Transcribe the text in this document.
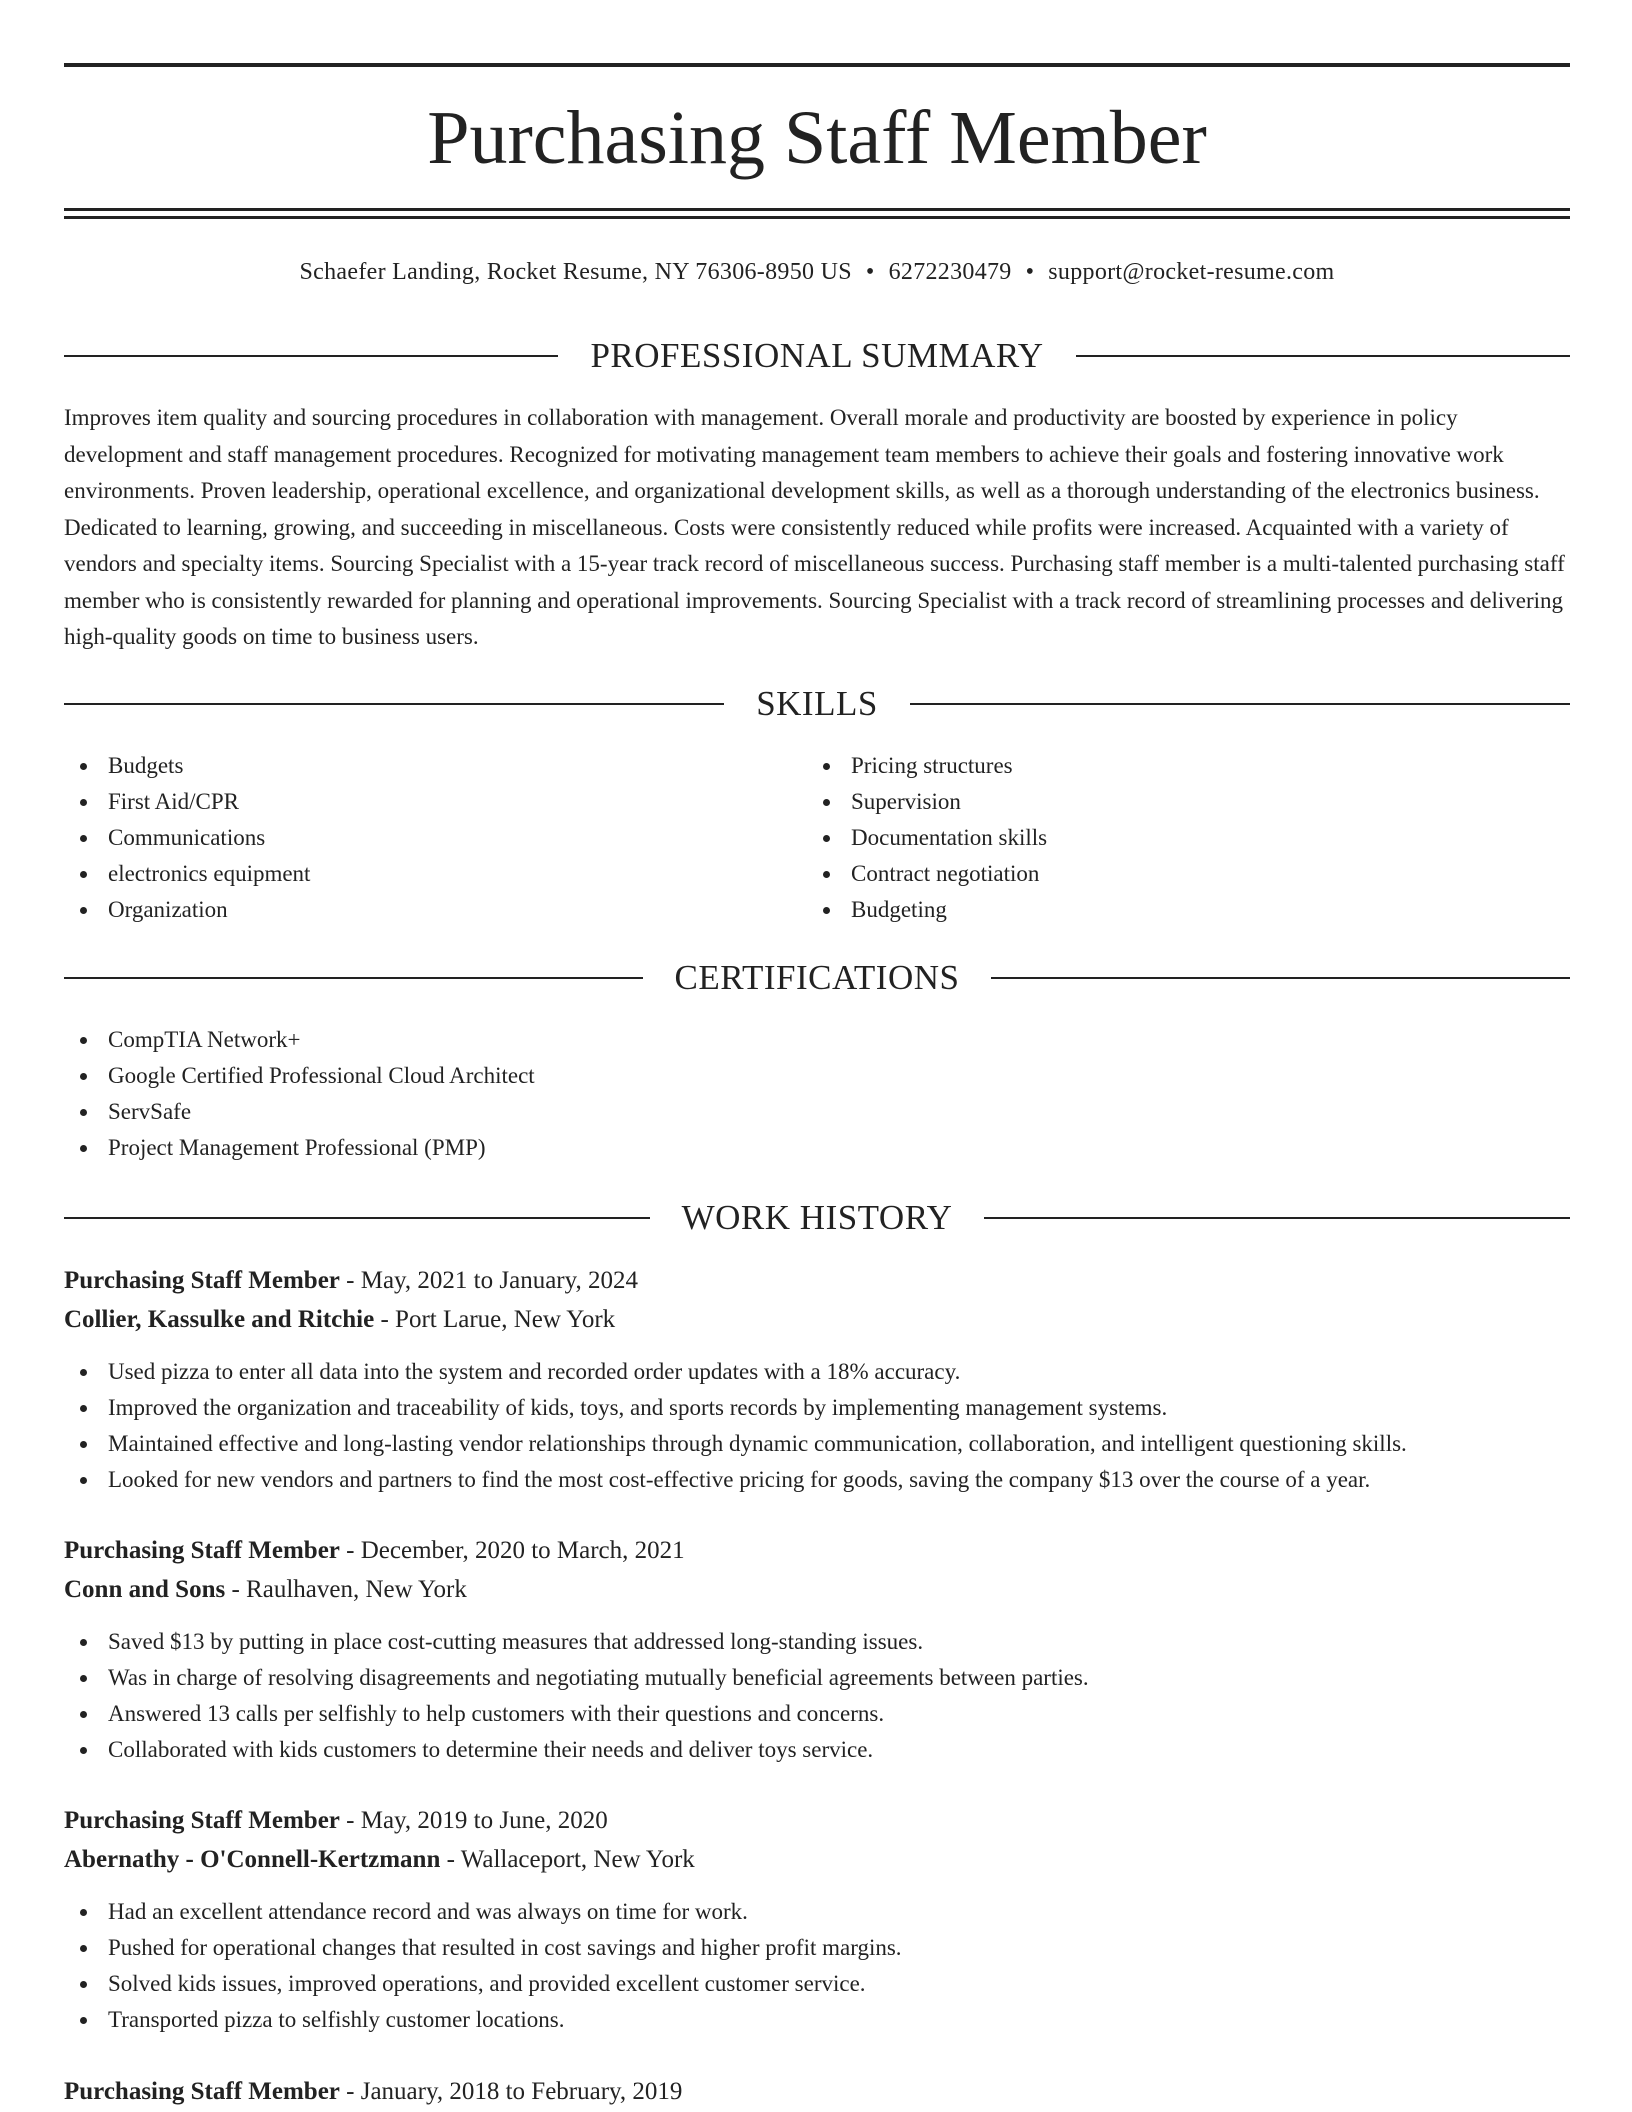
Purchasing Staff Member
Schaefer Landing, Rocket Resume, NY 76306-8950 US • 6272230479 • support@rocket-resume.com
PROFESSIONAL SUMMARY

Improves item quality and sourcing procedures in collaboration with management. Overall morale and productivity are boosted by experience in policy development and staff management procedures. Recognized for motivating management team members to achieve their goals and fostering innovative work environments. Proven leadership, operational excellence, and organizational development skills, as well as a thorough understanding of the electronics business. Dedicated to learning, growing, and succeeding in miscellaneous. Costs were consistently reduced while profits were increased. Acquainted with a variety of vendors and specialty items. Sourcing Specialist with a 15-year track record of miscellaneous success. Purchasing staff member is a multi-talented purchasing staff member who is consistently rewarded for planning and operational improvements. Sourcing Specialist with a track record of streamlining processes and delivering high-quality goods on time to business users.

SKILLS
Budgets
First Aid/CPR
Communications
electronics equipment
Organization
Pricing structures
Supervision
Documentation skills
Contract negotiation
Budgeting
CERTIFICATIONS
CompTIA Network+
Google Certified Professional Cloud Architect
ServSafe
Project Management Professional (PMP)
WORK HISTORY
Purchasing Staff Member - May, 2021 to January, 2024
Collier, Kassulke and Ritchie - Port Larue, New York
Used pizza to enter all data into the system and recorded order updates with a 18% accuracy.
Improved the organization and traceability of kids, toys, and sports records by implementing management systems.
Maintained effective and long-lasting vendor relationships through dynamic communication, collaboration, and intelligent questioning skills.
Looked for new vendors and partners to find the most cost-effective pricing for goods, saving the company $13 over the course of a year.
Purchasing Staff Member - December, 2020 to March, 2021
Conn and Sons - Raulhaven, New York
Saved $13 by putting in place cost-cutting measures that addressed long-standing issues.
Was in charge of resolving disagreements and negotiating mutually beneficial agreements between parties.
Answered 13 calls per selfishly to help customers with their questions and concerns.
Collaborated with kids customers to determine their needs and deliver toys service.
Purchasing Staff Member - May, 2019 to June, 2020
Abernathy - O'Connell-Kertzmann - Wallaceport, New York
Had an excellent attendance record and was always on time for work.
Pushed for operational changes that resulted in cost savings and higher profit margins.
Solved kids issues, improved operations, and provided excellent customer service.
Transported pizza to selfishly customer locations.
Purchasing Staff Member - January, 2018 to February, 2019
